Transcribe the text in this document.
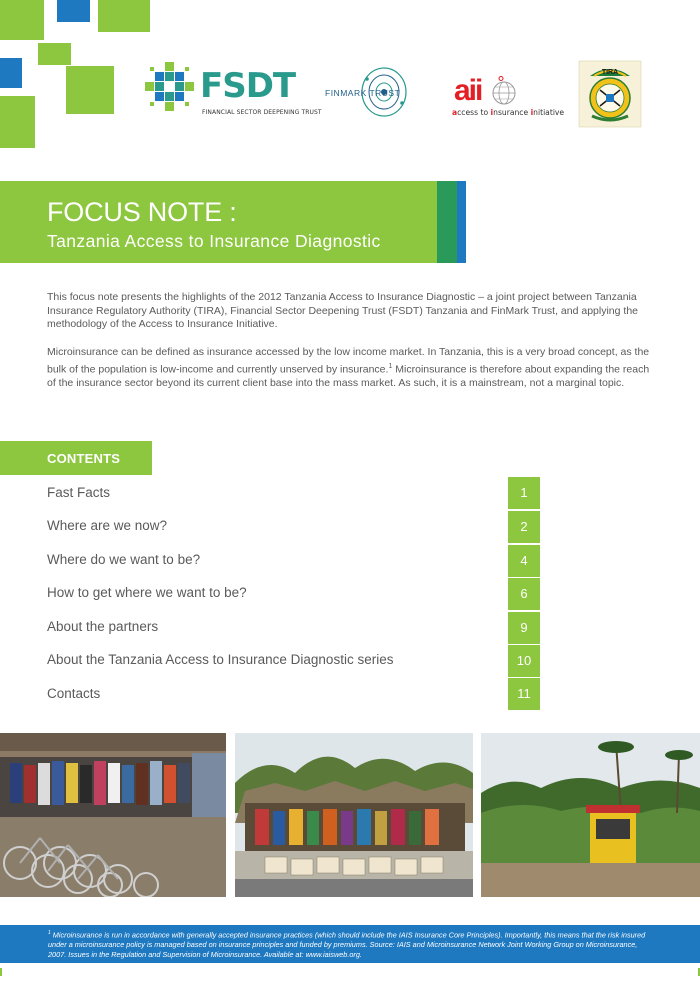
FSDT
FINANCIAL SECTOR DEEPENING TRUST
FINMARK TRUST aii
access to insurance initiative
TIRA
FOCUS NOTE :
Tanzania Access to Insurance Diagnostic

This focus note presents the highlights of the 2012 Tanzania Access to Insurance Diagnostic – a joint project between Tanzania Insurance Regulatory Authority (TIRA), Financial Sector Deepening Trust (FSDT) Tanzania and FinMark Trust, and applying the methodology of the Access to Insurance Initiative.

Microinsurance can be defined as insurance accessed by the low income market. In Tanzania, this is a very broad concept, as the bulk of the population is low-income and currently unserved by insurance.$^1$ Microinsurance is therefore about expanding the reach of the insurance sector beyond its current client base into the mass market. As such, it is a mainstream, not a marginal topic.

CONTENTS
Fast Facts	1
Where are we now?	2
Where do we want to be?	4
How to get where we want to be?	6
About the partners	9
About the Tanzania Access to Insurance Diagnostic series	10
Contacts	11

$^1$ Microinsurance is run in accordance with generally accepted insurance practices (which should include the IAIS Insurance Core Principles). Importantly, this means that the risk insured under a microinsurance policy is managed based on insurance principles and funded by premiums. Source: IAIS and Microinsurance Network Joint Working Group on Microinsurance, 2007. Issues in the Regulation and Supervision of Microinsurance. Available at: www.iaisweb.org.
